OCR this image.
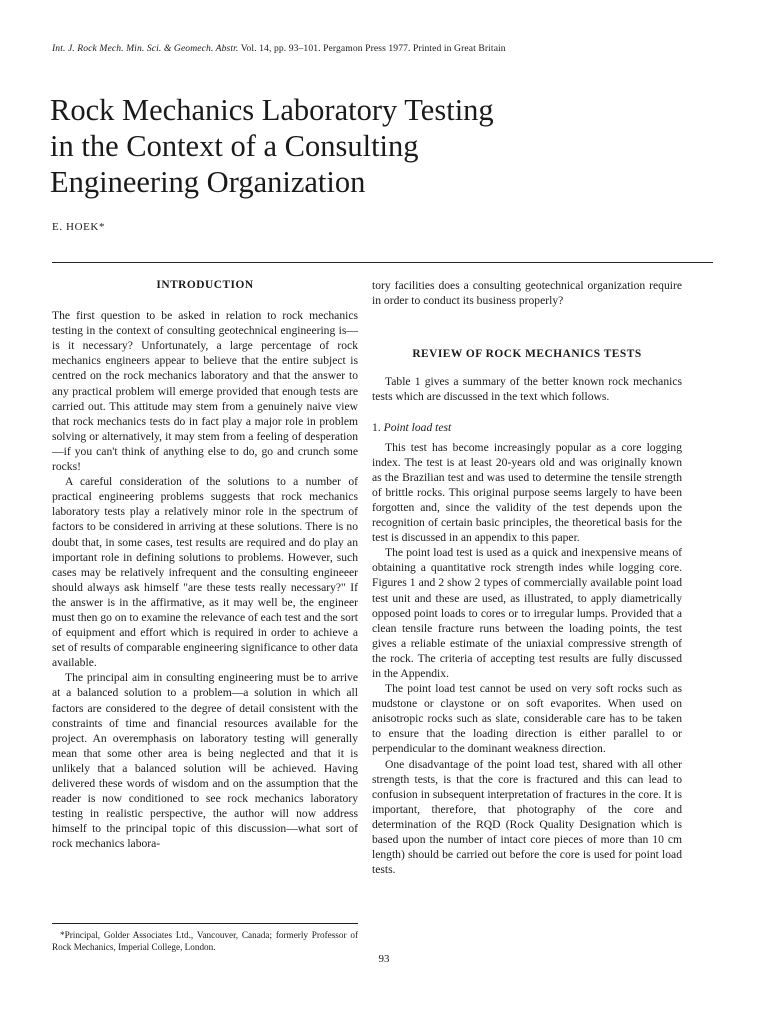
Int. J. Rock Mech. Min. Sci. & Geomech. Abstr. Vol. 14, pp. 93–101. Pergamon Press 1977. Printed in Great Britain
Rock Mechanics Laboratory Testing
in the Context of a Consulting
Engineering Organization
E. HOEK*
INTRODUCTION

The first question to be asked in relation to rock mechanics testing in the context of consulting geotechnical engineering is—is it necessary? Unfortunately, a large percentage of rock mechanics engineers appear to believe that the entire subject is centred on the rock mechanics laboratory and that the answer to any practical problem will emerge provided that enough tests are carried out. This attitude may stem from a genuinely naive view that rock mechanics tests do in fact play a major role in problem solving or alternatively, it may stem from a feeling of desperation—if you can't think of anything else to do, go and crunch some rocks!

A careful consideration of the solutions to a number of practical engineering problems suggests that rock mechanics laboratory tests play a relatively minor role in the spectrum of factors to be considered in arriving at these solutions. There is no doubt that, in some cases, test results are required and do play an important role in defining solutions to problems. However, such cases may be relatively infrequent and the consulting engineeer should always ask himself "are these tests really necessary?" If the answer is in the affirmative, as it may well be, the engineer must then go on to examine the relevance of each test and the sort of equipment and effort which is required in order to achieve a set of results of comparable engineering significance to other data available.

The principal aim in consulting engineering must be to arrive at a balanced solution to a problem—a solution in which all factors are considered to the degree of detail consistent with the constraints of time and financial resources available for the project. An overemphasis on laboratory testing will generally mean that some other area is being neglected and that it is unlikely that a balanced solution will be achieved. Having delivered these words of wisdom and on the assumption that the reader is now conditioned to see rock mechanics laboratory testing in realistic perspective, the author will now address himself to the principal topic of this discussion—what sort of rock mechanics labora-

tory facilities does a consulting geotechnical organization require in order to conduct its business properly?

REVIEW OF ROCK MECHANICS TESTS

Table 1 gives a summary of the better known rock mechanics tests which are discussed in the text which follows.

1. Point load test

This test has become increasingly popular as a core logging index. The test is at least 20-years old and was originally known as the Brazilian test and was used to determine the tensile strength of brittle rocks. This original purpose seems largely to have been forgotten and, since the validity of the test depends upon the recognition of certain basic principles, the theoretical basis for the test is discussed in an appendix to this paper.

The point load test is used as a quick and inexpensive means of obtaining a quantitative rock strength indes while logging core. Figures 1 and 2 show 2 types of commercially available point load test unit and these are used, as illustrated, to apply diametrically opposed point loads to cores or to irregular lumps. Provided that a clean tensile fracture runs between the loading points, the test gives a reliable estimate of the uniaxial compressive strength of the rock. The criteria of accepting test results are fully discussed in the Appendix.

The point load test cannot be used on very soft rocks such as mudstone or claystone or on soft evaporites. When used on anisotropic rocks such as slate, considerable care has to be taken to ensure that the loading direction is either parallel to or perpendicular to the dominant weakness direction.

One disadvantage of the point load test, shared with all other strength tests, is that the core is fractured and this can lead to confusion in subsequent interpretation of fractures in the core. It is important, therefore, that photography of the core and determination of the RQD (Rock Quality Designation which is based upon the number of intact core pieces of more than 10 cm length) should be carried out before the core is used for point load tests.

*Principal, Golder Associates Ltd., Vancouver, Canada; formerly Professor of Rock Mechanics, Imperial College, London.
93
